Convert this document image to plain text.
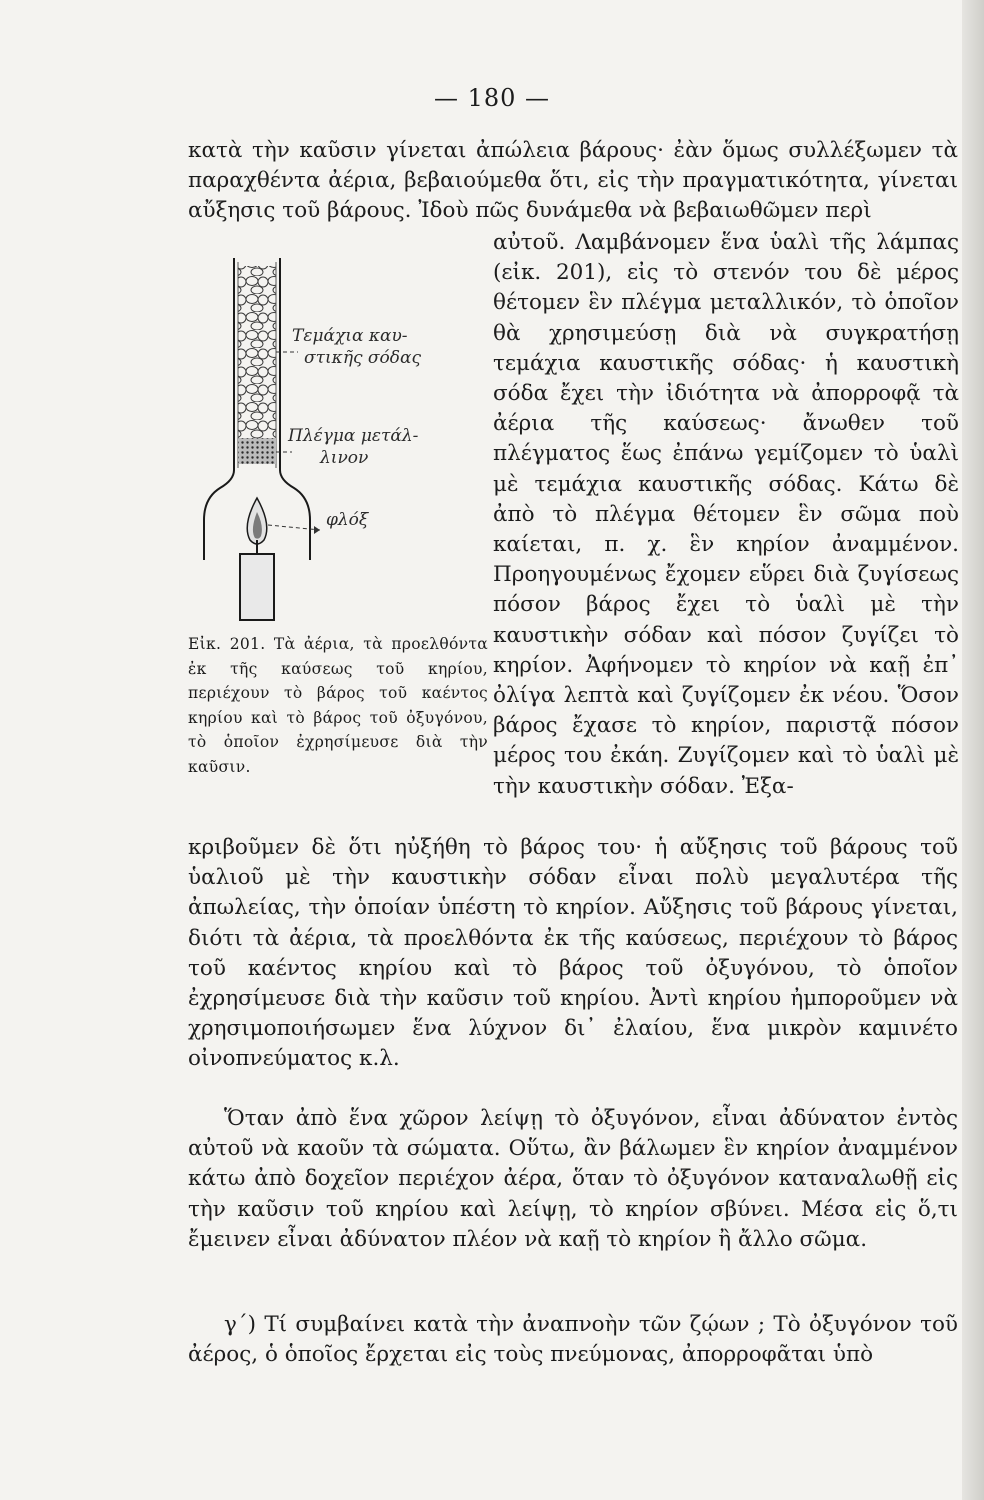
— 180 —

κατὰ τὴν καῦσιν γίνεται ἀπώλεια βάρους· ἐὰν ὅμως συλλέξωμεν τὰ παραχθέντα ἀέρια, βεβαιούμεθα ὅτι, εἰς τὴν πραγματικότητα, γίνεται αὔξησις τοῦ βάρους. Ἰδοὺ πῶς δυνάμεθα νὰ βεβαιωθῶμεν περὶ

Τεμάχια καυ-
στικῆς σόδας
Πλέγμα μετάλ-
λινον
φλόξ

αὐτοῦ. Λαμβάνομεν ἕνα ὑαλὶ τῆς λάμπας (εἰκ. 201), εἰς τὸ στενόν του δὲ μέρος θέτομεν ἓν πλέγμα μεταλλικόν, τὸ ὁποῖον θὰ χρησιμεύσῃ διὰ νὰ συγκρατήσῃ τεμάχια καυστικῆς σόδας· ἡ καυστικὴ σόδα ἔχει τὴν ἰδιότητα νὰ ἀπορροφᾷ τὰ ἀέρια τῆς καύσεως· ἄνωθεν τοῦ πλέγματος ἕως ἐπάνω γεμίζομεν τὸ ὑαλὶ μὲ τεμάχια καυστικῆς σόδας. Κάτω δὲ ἀπὸ τὸ πλέγμα θέτομεν ἓν σῶμα ποὺ καίεται, π. χ. ἓν κηρίον ἀναμμένον. Προηγουμένως ἔχομεν εὕρει διὰ ζυγίσεως πόσον βάρος ἔχει τὸ ὑαλὶ μὲ τὴν καυστικὴν σόδαν καὶ πόσον ζυγίζει τὸ κηρίον. Ἀφήνομεν τὸ κηρίον νὰ καῇ ἐπ᾽ ὀλίγα λεπτὰ καὶ ζυγίζομεν ἐκ νέου. Ὅσον βάρος ἔχασε τὸ κηρίον, παριστᾷ πόσον μέρος του ἐκάη. Ζυγίζομεν καὶ τὸ ὑαλὶ μὲ τὴν καυστικὴν σόδαν. Ἐξα-

Εἰκ. 201. Τὰ ἀέρια, τὰ προελθόντα ἐκ τῆς καύσεως τοῦ κηρίου, περιέχουν τὸ βάρος τοῦ καέντος κηρίου καὶ τὸ βάρος τοῦ ὀξυγόνου, τὸ ὁποῖον ἐχρησίμευσε διὰ τὴν καῦσιν.

κριβοῦμεν δὲ ὅτι ηὐξήθη τὸ βάρος του· ἡ αὔξησις τοῦ βάρους τοῦ ὑαλιοῦ μὲ τὴν καυστικὴν σόδαν εἶναι πολὺ μεγαλυτέρα τῆς ἀπωλείας, τὴν ὁποίαν ὑπέστη τὸ κηρίον. Αὔξησις τοῦ βάρους γίνεται, διότι τὰ ἀέρια, τὰ προελθόντα ἐκ τῆς καύσεως, περιέχουν τὸ βάρος τοῦ καέντος κηρίου καὶ τὸ βάρος τοῦ ὀξυγόνου, τὸ ὁποῖον ἐχρησίμευσε διὰ τὴν καῦσιν τοῦ κηρίου. Ἀντὶ κηρίου ἠμποροῦμεν νὰ χρησιμοποιήσωμεν ἕνα λύχνον δι᾽ ἐλαίου, ἕνα μικρὸν καμινέτο οἰνοπνεύματος κ.λ.

Ὅταν ἀπὸ ἕνα χῶρον λείψῃ τὸ ὀξυγόνον, εἶναι ἀδύνατον ἐντὸς αὐτοῦ νὰ καοῦν τὰ σώματα. Οὕτω, ἂν βάλωμεν ἓν κηρίον ἀναμμένον κάτω ἀπὸ δοχεῖον περιέχον ἀέρα, ὅταν τὸ ὀξυγόνον καταναλωθῇ εἰς τὴν καῦσιν τοῦ κηρίου καὶ λείψῃ, τὸ κηρίον σβύνει. Μέσα εἰς ὅ,τι ἔμεινεν εἶναι ἀδύνατον πλέον νὰ καῇ τὸ κηρίον ἢ ἄλλο σῶμα.

γ´) Τί συμβαίνει κατὰ τὴν ἀναπνοὴν τῶν ζῴων ; Τὸ ὀξυγόνον τοῦ ἀέρος, ὁ ὁποῖος ἔρχεται εἰς τοὺς πνεύμονας, ἀπορροφᾶται ὑπὸ
